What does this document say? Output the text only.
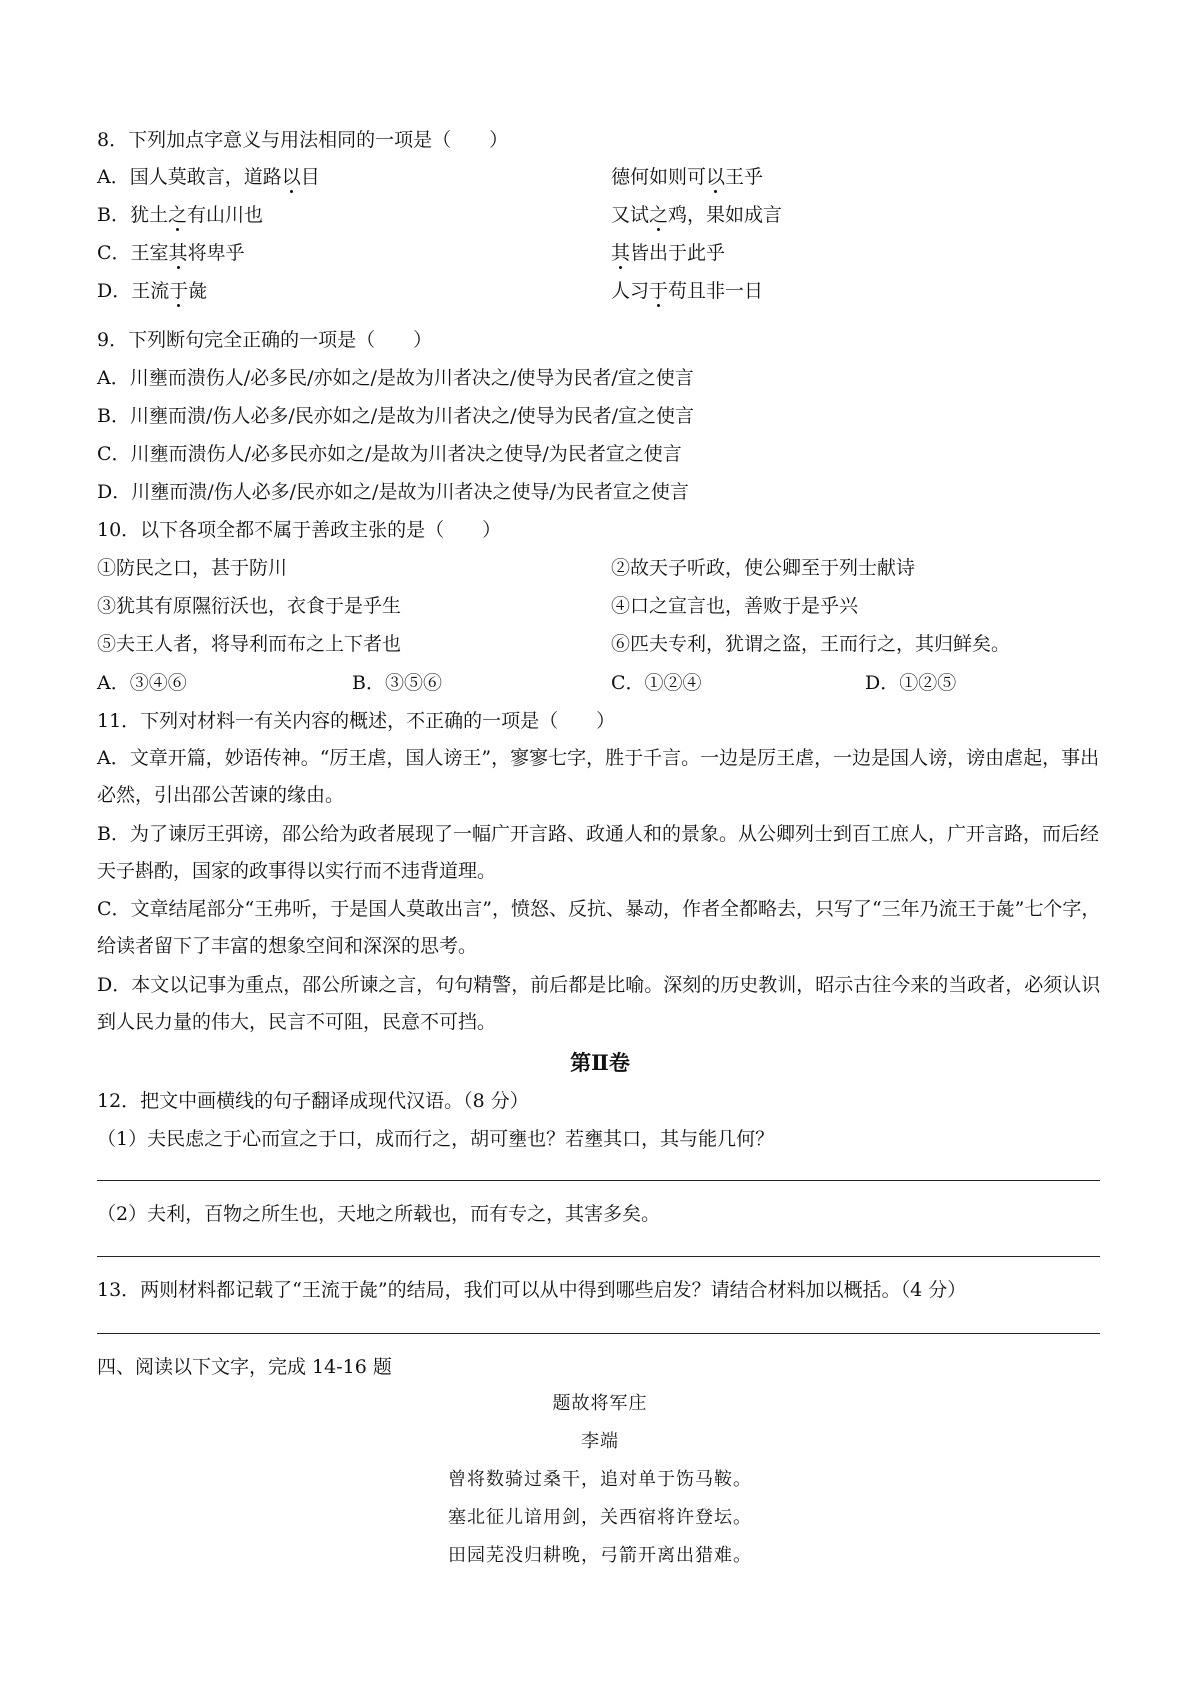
8．下列加点字意义与用法相同的一项是（　　）
A．国人莫敢言，道路以目	德何如则可以王乎
B．犹土之有山川也	又试之鸡，果如成言
C．王室其将卑乎	其皆出于此乎
D．王流于彘	人习于苟且非一日
9．下列断句完全正确的一项是（　　）
A．川壅而溃伤人/必多民/亦如之/是故为川者决之/使导为民者/宣之使言
B．川壅而溃/伤人必多/民亦如之/是故为川者决之/使导为民者/宣之使言
C．川壅而溃伤人/必多民亦如之/是故为川者决之使导/为民者宣之使言
D．川壅而溃/伤人必多/民亦如之/是故为川者决之使导/为民者宣之使言
10．以下各项全都不属于善政主张的是（　　）
①防民之口，甚于防川	②故天子听政，使公卿至于列士献诗
③犹其有原隰衍沃也，衣食于是乎生	④口之宣言也，善败于是乎兴
⑤夫王人者，将导利而布之上下者也	⑥匹夫专利，犹谓之盗，王而行之，其归鲜矣。
A．③④⑥	B．③⑤⑥	C．①②④	D．①②⑤
11．下列对材料一有关内容的概述，不正确的一项是（　　）
A．文章开篇，妙语传神。“厉王虐，国人谤王”，寥寥七字，胜于千言。一边是厉王虐，一边是国人谤，谤由虐起，事出必然，引出邵公苦谏的缘由。
B．为了谏厉王弭谤，邵公给为政者展现了一幅广开言路、政通人和的景象。从公卿列士到百工庶人，广开言路，而后经天子斟酌，国家的政事得以实行而不违背道理。
C．文章结尾部分“王弗听，于是国人莫敢出言”，愤怒、反抗、暴动，作者全都略去，只写了“三年乃流王于彘”七个字，给读者留下了丰富的想象空间和深深的思考。
D．本文以记事为重点，邵公所谏之言，句句精警，前后都是比喻。深刻的历史教训，昭示古往今来的当政者，必须认识到人民力量的伟大，民言不可阻，民意不可挡。
第Ⅱ卷
12．把文中画横线的句子翻译成现代汉语。（8 分）
（1）夫民虑之于心而宣之于口，成而行之，胡可壅也？若壅其口，其与能几何？
（2）夫利，百物之所生也，天地之所载也，而有专之，其害多矣。
13．两则材料都记载了“王流于彘”的结局，我们可以从中得到哪些启发？请结合材料加以概括。（4 分）
四、阅读以下文字，完成 14-16 题
题故将军庄
李端
曾将数骑过桑干，追对单于饬马鞍。
塞北征儿谙用剑，关西宿将许登坛。
田园芜没归耕晚，弓箭开离出猎难。
